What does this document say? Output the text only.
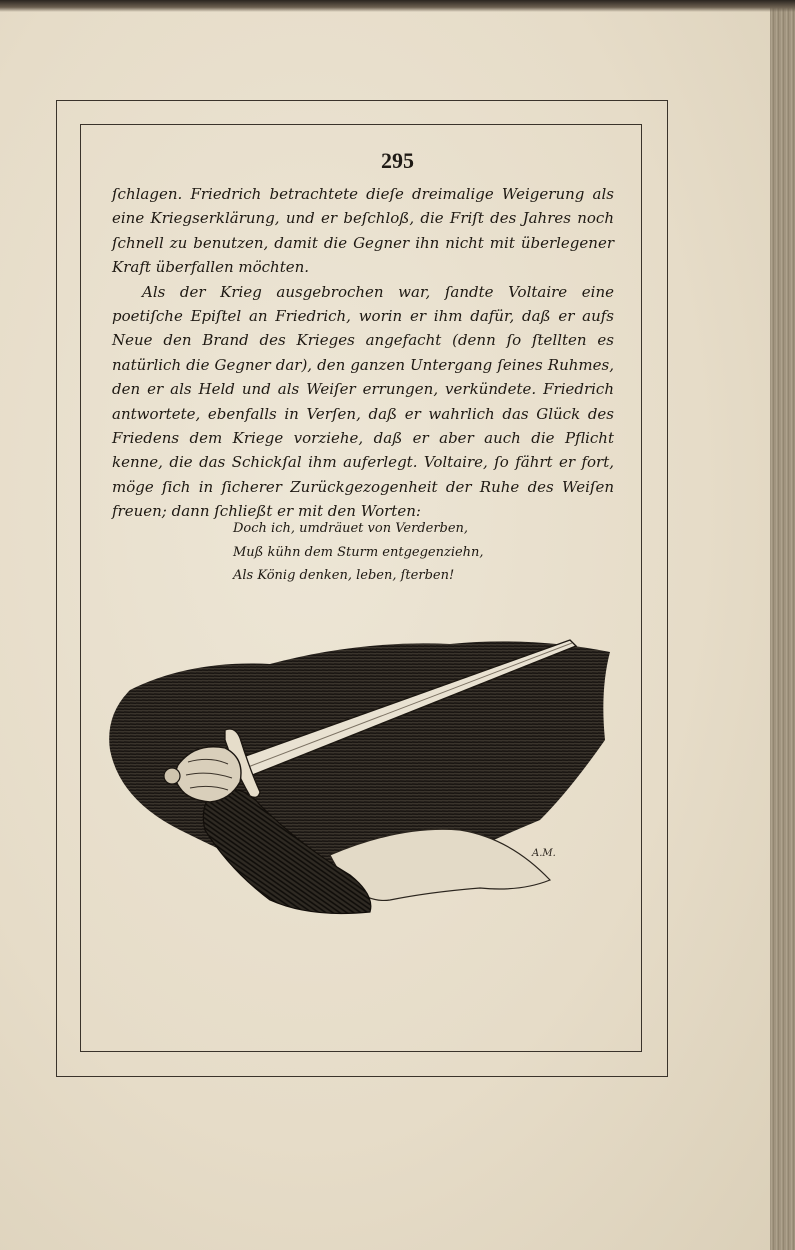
295

ſchlagen. Friedrich betrachtete dieſe dreimalige Weigerung als eine Kriegserklärung, und er beſchloß, die Friſt des Jahres noch ſchnell zu benutzen, damit die Gegner ihn nicht mit überlegener Kraft überfallen möchten.

Als der Krieg ausgebrochen war, ſandte Voltaire eine poetiſche Epiſtel an Friedrich, worin er ihm dafür, daß er aufs Neue den Brand des Krieges angefacht (denn ſo ſtellten es natürlich die Gegner dar), den ganzen Untergang ſeines Ruhmes, den er als Held und als Weiſer errungen, verkündete. Friedrich antwortete, ebenfalls in Verſen, daß er wahrlich das Glück des Friedens dem Kriege vorziehe, daß er aber auch die Pflicht kenne, die das Schickſal ihm auferlegt. Voltaire, ſo fährt er fort, möge ſich in ſicherer Zurückgezogenheit der Ruhe des Weiſen freuen; dann ſchließt er mit den Worten:

Doch ich, umdräuet von Verderben,
Muß kühn dem Sturm entgegenziehn,
Als König denken, leben, ſterben!
A.M.
